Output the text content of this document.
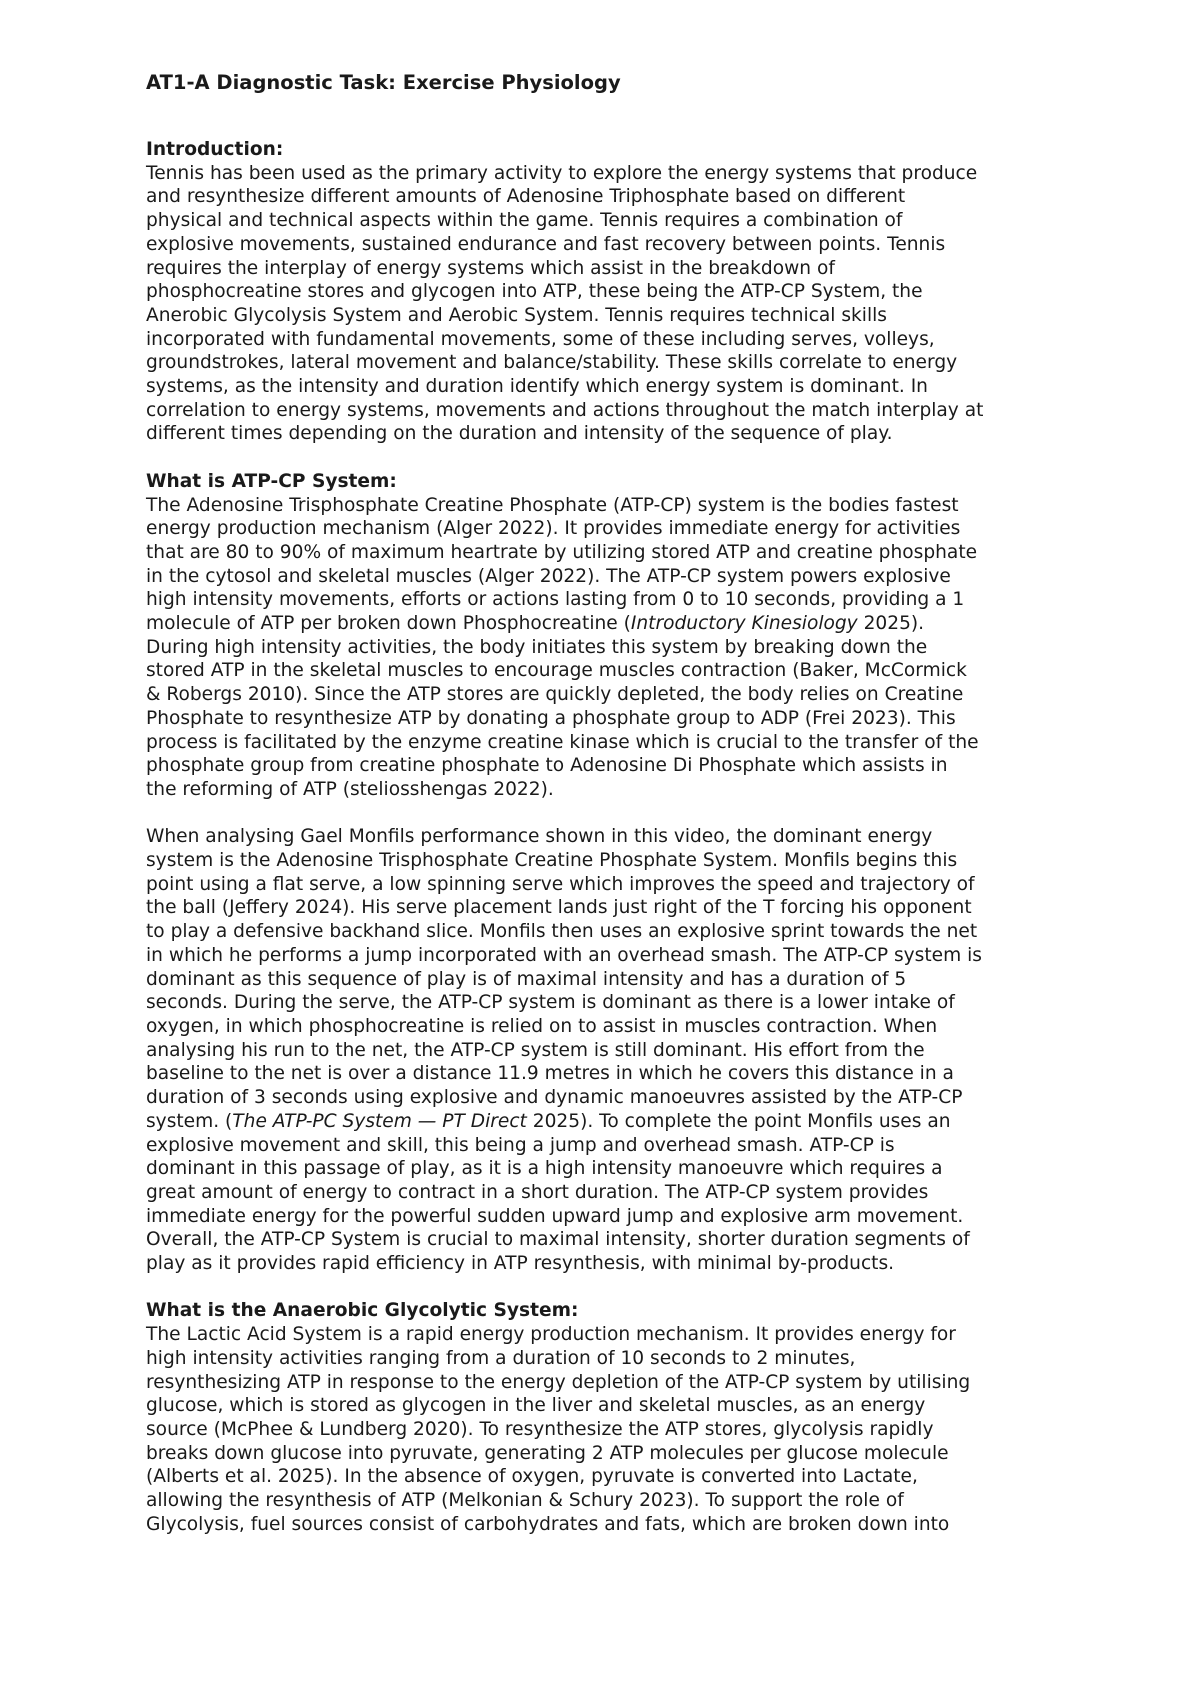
AT1-A Diagnostic Task: Exercise Physiology
Introduction:
Tennis has been used as the primary activity to explore the energy systems that produce
and resynthesize different amounts of Adenosine Triphosphate based on different
physical and technical aspects within the game. Tennis requires a combination of
explosive movements, sustained endurance and fast recovery between points. Tennis
requires the interplay of energy systems which assist in the breakdown of
phosphocreatine stores and glycogen into ATP, these being the ATP-CP System, the
Anerobic Glycolysis System and Aerobic System. Tennis requires technical skills
incorporated with fundamental movements, some of these including serves, volleys,
groundstrokes, lateral movement and balance/stability. These skills correlate to energy
systems, as the intensity and duration identify which energy system is dominant. In
correlation to energy systems, movements and actions throughout the match interplay at
different times depending on the duration and intensity of the sequence of play.
What is ATP-CP System:
The Adenosine Trisphosphate Creatine Phosphate (ATP-CP) system is the bodies fastest
energy production mechanism (Alger 2022). It provides immediate energy for activities
that are 80 to 90% of maximum heartrate by utilizing stored ATP and creatine phosphate
in the cytosol and skeletal muscles (Alger 2022). The ATP-CP system powers explosive
high intensity movements, efforts or actions lasting from 0 to 10 seconds, providing a 1
molecule of ATP per broken down Phosphocreatine (Introductory Kinesiology 2025).
During high intensity activities, the body initiates this system by breaking down the
stored ATP in the skeletal muscles to encourage muscles contraction (Baker, McCormick
& Robergs 2010). Since the ATP stores are quickly depleted, the body relies on Creatine
Phosphate to resynthesize ATP by donating a phosphate group to ADP (Frei 2023). This
process is facilitated by the enzyme creatine kinase which is crucial to the transfer of the
phosphate group from creatine phosphate to Adenosine Di Phosphate which assists in
the reforming of ATP (steliosshengas 2022).
When analysing Gael Monfils performance shown in this video, the dominant energy
system is the Adenosine Trisphosphate Creatine Phosphate System. Monfils begins this
point using a flat serve, a low spinning serve which improves the speed and trajectory of
the ball (Jeffery 2024). His serve placement lands just right of the T forcing his opponent
to play a defensive backhand slice. Monfils then uses an explosive sprint towards the net
in which he performs a jump incorporated with an overhead smash. The ATP-CP system is
dominant as this sequence of play is of maximal intensity and has a duration of 5
seconds. During the serve, the ATP-CP system is dominant as there is a lower intake of
oxygen, in which phosphocreatine is relied on to assist in muscles contraction. When
analysing his run to the net, the ATP-CP system is still dominant. His effort from the
baseline to the net is over a distance 11.9 metres in which he covers this distance in a
duration of 3 seconds using explosive and dynamic manoeuvres assisted by the ATP-CP
system. (The ATP-PC System — PT Direct 2025). To complete the point Monfils uses an
explosive movement and skill, this being a jump and overhead smash. ATP-CP is
dominant in this passage of play, as it is a high intensity manoeuvre which requires a
great amount of energy to contract in a short duration. The ATP-CP system provides
immediate energy for the powerful sudden upward jump and explosive arm movement.
Overall, the ATP-CP System is crucial to maximal intensity, shorter duration segments of
play as it provides rapid efficiency in ATP resynthesis, with minimal by-products.
What is the Anaerobic Glycolytic System:
The Lactic Acid System is a rapid energy production mechanism. It provides energy for
high intensity activities ranging from a duration of 10 seconds to 2 minutes,
resynthesizing ATP in response to the energy depletion of the ATP-CP system by utilising
glucose, which is stored as glycogen in the liver and skeletal muscles, as an energy
source (McPhee & Lundberg 2020). To resynthesize the ATP stores, glycolysis rapidly
breaks down glucose into pyruvate, generating 2 ATP molecules per glucose molecule
(Alberts et al. 2025). In the absence of oxygen, pyruvate is converted into Lactate,
allowing the resynthesis of ATP (Melkonian & Schury 2023). To support the role of
Glycolysis, fuel sources consist of carbohydrates and fats, which are broken down into
